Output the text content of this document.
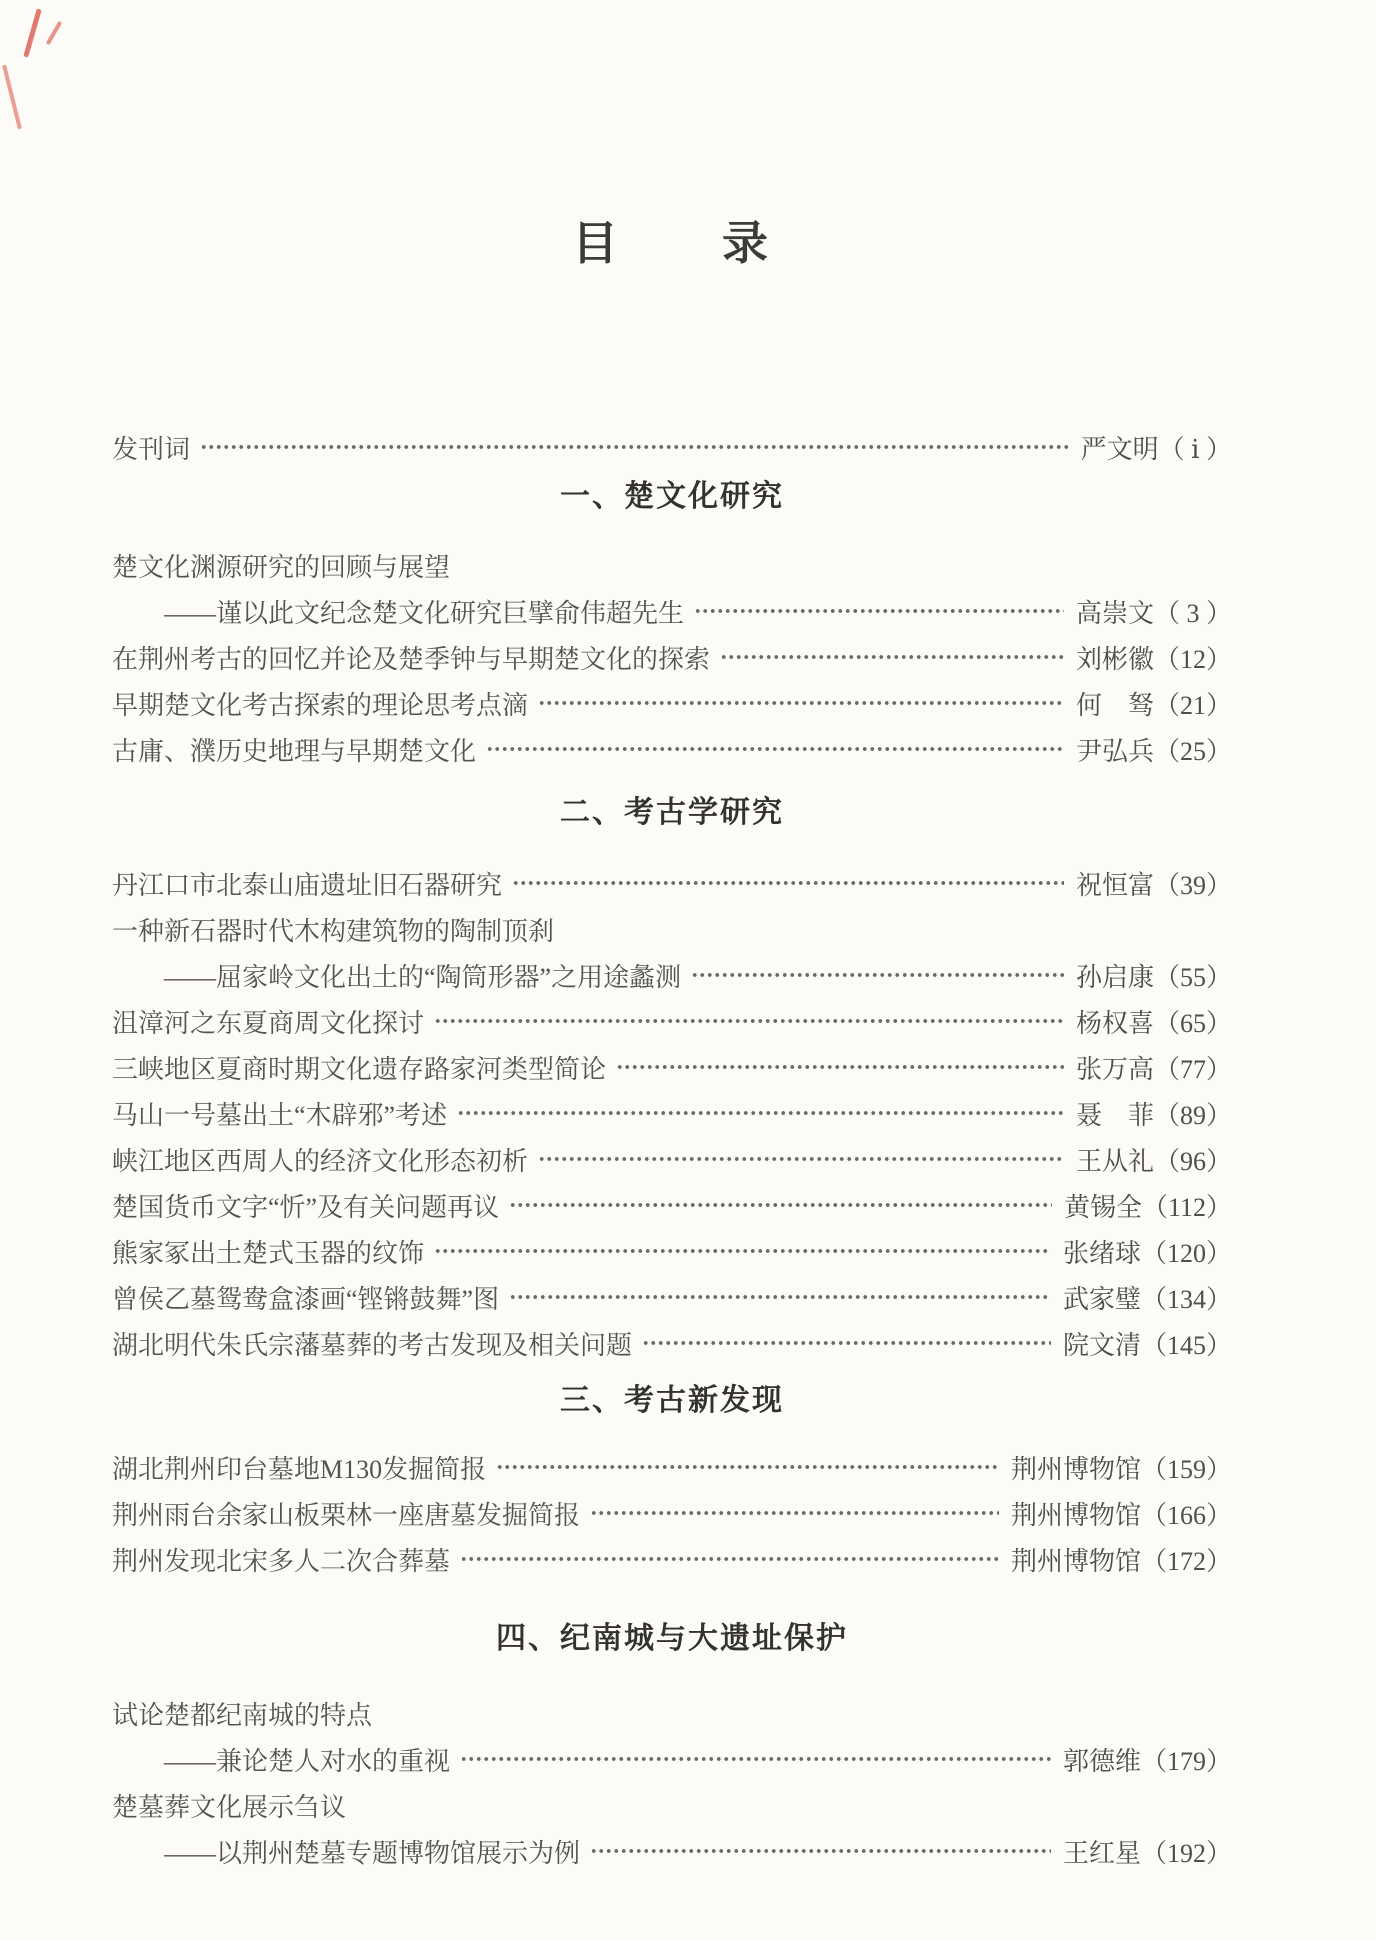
目　　录
发刊词	严文明（ ⅰ ）
一、楚文化研究
楚文化渊源研究的回顾与展望
——谨以此文纪念楚文化研究巨擘俞伟超先生	高崇文（ 3 ）
在荆州考古的回忆并论及楚季钟与早期楚文化的探索	刘彬徽（12）
早期楚文化考古探索的理论思考点滴	何　驽（21）
古庸、濮历史地理与早期楚文化	尹弘兵（25）
二、考古学研究
丹江口市北泰山庙遗址旧石器研究	祝恒富（39）
一种新石器时代木构建筑物的陶制顶刹
——屈家岭文化出土的“陶筒形器”之用途蠡测	孙启康（55）
沮漳河之东夏商周文化探讨	杨权喜（65）
三峡地区夏商时期文化遗存路家河类型简论	张万高（77）
马山一号墓出土“木辟邪”考述	聂　菲（89）
峡江地区西周人的经济文化形态初析	王从礼（96）
楚国货币文字“忻”及有关问题再议	黄锡全（112）
熊家冢出土楚式玉器的纹饰	张绪球（120）
曾侯乙墓鸳鸯盒漆画“铿锵鼓舞”图	武家璧（134）
湖北明代朱氏宗藩墓葬的考古发现及相关问题	院文清（145）
三、考古新发现
湖北荆州印台墓地M130发掘简报	荆州博物馆（159）
荆州雨台余家山板栗林一座唐墓发掘简报	荆州博物馆（166）
荆州发现北宋多人二次合葬墓	荆州博物馆（172）
四、纪南城与大遗址保护
试论楚都纪南城的特点
——兼论楚人对水的重视	郭德维（179）
楚墓葬文化展示刍议
——以荆州楚墓专题博物馆展示为例	王红星（192）
